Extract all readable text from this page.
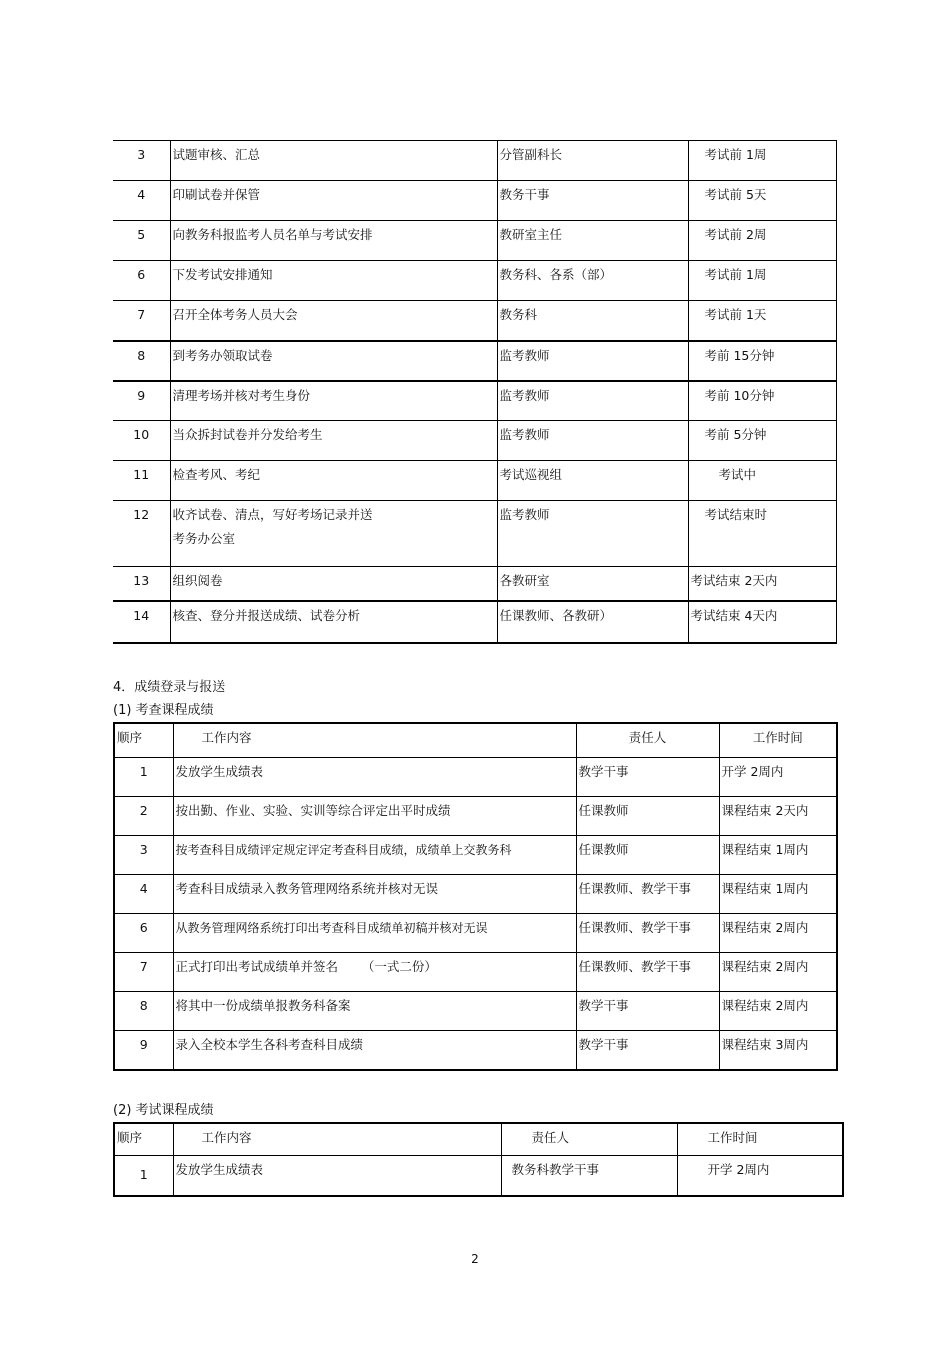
3	试题审核、汇总	分管副科长	考试前 1周
4	印刷试卷并保管	教务干事	考试前 5天
5	向教务科报监考人员名单与考试安排	教研室主任	考试前 2周
6	下发考试安排通知	教务科、各系（部）	考试前 1周
7	召开全体考务人员大会	教务科	考试前 1天
8	到考务办领取试卷	监考教师	考前 15分钟
9	清理考场并核对考生身份	监考教师	考前 10分钟
10	当众拆封试卷并分发给考生	监考教师	考前 5分钟
11	检查考风、考纪	考试巡视组	考试中
12	收齐试卷、清点，写好考场记录并送
考务办公室	监考教师	考试结束时
13	组织阅卷	各教研室	考试结束 2天内
14	核查、登分并报送成绩、试卷分析	任课教师、各教研）	考试结束 4天内
4．成绩登录与报送
(1) 考查课程成绩
顺序	工作内容	责任人	工作时间
1	发放学生成绩表	教学干事	开学 2周内
2	按出勤、作业、实验、实训等综合评定出平时成绩	任课教师	课程结束 2天内
3	按考查科目成绩评定规定评定考查科目成绩，成绩单上交教务科	任课教师	课程结束 1周内
4	考查科目成绩录入教务管理网络系统并核对无误	任课教师、教学干事	课程结束 1周内
6	从教务管理网络系统打印出考查科目成绩单初稿并核对无误	任课教师、教学干事	课程结束 2周内
7	正式打印出考试成绩单并签名      （一式二份）	任课教师、教学干事	课程结束 2周内
8	将其中一份成绩单报教务科备案	教学干事	课程结束 2周内
9	录入全校本学生各科考查科目成绩	教学干事	课程结束 3周内
(2) 考试课程成绩
顺序	工作内容	责任人	工作时间
1	发放学生成绩表	教务科教学干事	开学 2周内
2
